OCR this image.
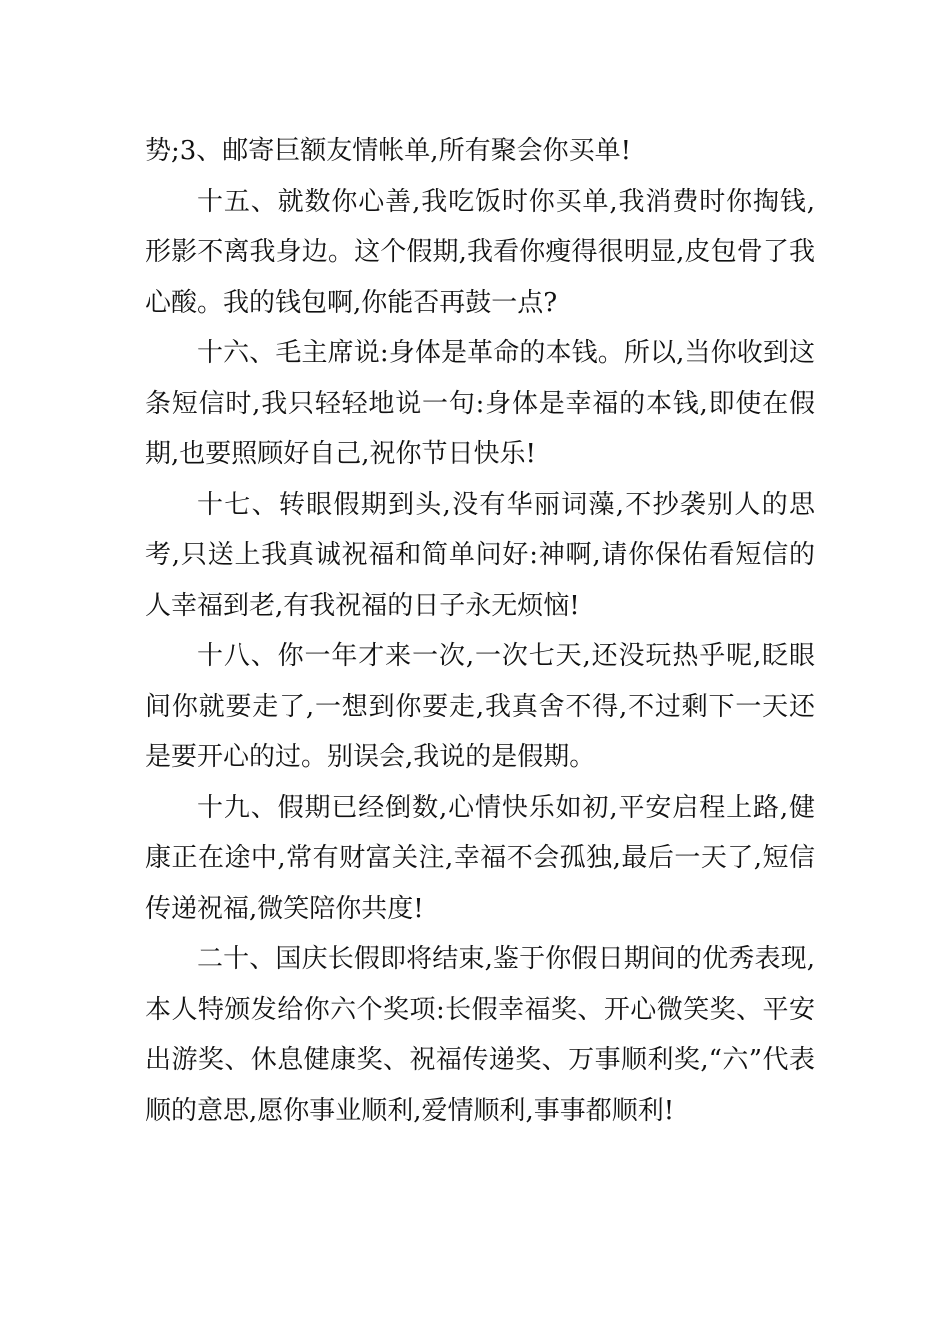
势;3、邮寄巨额友情帐单,所有聚会你买单!

十五、就数你心善,我吃饭时你买单,我消费时你掏钱,形影不离我身边。这个假期,我看你瘦得很明显,皮包骨了我心酸。我的钱包啊,你能否再鼓一点?

十六、毛主席说:身体是革命的本钱。所以,当你收到这条短信时,我只轻轻地说一句:身体是幸福的本钱,即使在假期,也要照顾好自己,祝你节日快乐!

十七、转眼假期到头,没有华丽词藻,不抄袭别人的思考,只送上我真诚祝福和简单问好:神啊,请你保佑看短信的人幸福到老,有我祝福的日子永无烦恼!

十八、你一年才来一次,一次七天,还没玩热乎呢,眨眼间你就要走了,一想到你要走,我真舍不得,不过剩下一天还是要开心的过。别误会,我说的是假期。

十九、假期已经倒数,心情快乐如初,平安启程上路,健康正在途中,常有财富关注,幸福不会孤独,最后一天了,短信传递祝福,微笑陪你共度!

二十、国庆长假即将结束,鉴于你假日期间的优秀表现,本人特颁发给你六个奖项:长假幸福奖、开心微笑奖、平安出游奖、休息健康奖、祝福传递奖、万事顺利奖,“六”代表顺的意思,愿你事业顺利,爱情顺利,事事都顺利!
